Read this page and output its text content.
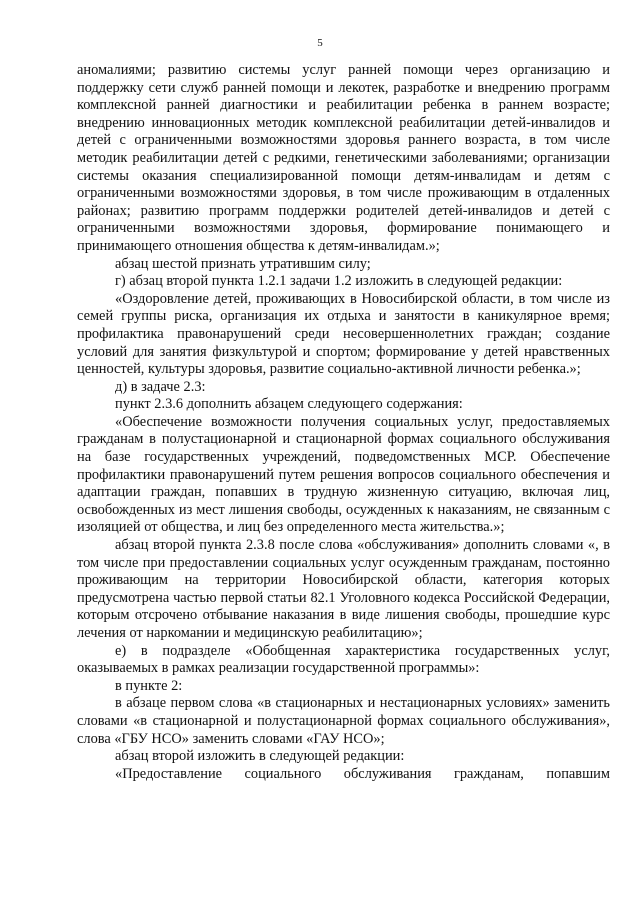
5

аномалиями; развитию системы услуг ранней помощи через организацию и поддержку сети служб ранней помощи и лекотек, разработке и внедрению программ комплексной ранней диагностики и реабилитации ребенка в раннем возрасте; внедрению инновационных методик комплексной реабилитации детей-инвалидов и детей с ограниченными возможностями здоровья раннего возраста, в том числе методик реабилитации детей с редкими, генетическими заболеваниями; организации системы оказания специализированной помощи детям-инвалидам и детям с ограниченными возможностями здоровья, в том числе проживающим в отдаленных районах; развитию программ поддержки родителей детей-инвалидов и детей с ограниченными возможностями здоровья, формирование понимающего и принимающего отношения общества к детям-инвалидам.»;

абзац шестой признать утратившим силу;

г) абзац второй пункта 1.2.1 задачи 1.2 изложить в следующей редакции:

«Оздоровление детей, проживающих в Новосибирской области, в том числе из семей группы риска, организация их отдыха и занятости в каникулярное время; профилактика правонарушений среди несовершеннолетних граждан; создание условий для занятия физкультурой и спортом; формирование у детей нравственных ценностей, культуры здоровья, развитие социально-активной личности ребенка.»;

д) в задаче 2.3:

пункт 2.3.6 дополнить абзацем следующего содержания:

«Обеспечение возможности получения социальных услуг, предоставляемых гражданам в полустационарной и стационарной формах социального обслуживания на базе государственных учреждений, подведомственных МСР. Обеспечение профилактики правонарушений путем решения вопросов социального обеспечения и адаптации граждан, попавших в трудную жизненную ситуацию, включая лиц, освобожденных из мест лишения свободы, осужденных к наказаниям, не связанным с изоляцией от общества, и лиц без определенного места жительства.»;

абзац второй пункта 2.3.8 после слова «обслуживания» дополнить словами «, в том числе при предоставлении социальных услуг осужденным гражданам, постоянно проживающим на территории Новосибирской области, категория которых предусмотрена частью первой статьи 82.1 Уголовного кодекса Российской Федерации, которым отсрочено отбывание наказания в виде лишения свободы, прошедшие курс лечения от наркомании и медицинскую реабилитацию»;

е) в подразделе «Обобщенная характеристика государственных услуг, оказываемых в рамках реализации государственной программы»:

в пункте 2:

в абзаце первом слова «в стационарных и нестационарных условиях» заменить словами «в стационарной и полустационарной формах социального обслуживания», слова «ГБУ НСО» заменить словами «ГАУ НСО»;

абзац второй изложить в следующей редакции:

«Предоставление социального обслуживания гражданам, попавшим
